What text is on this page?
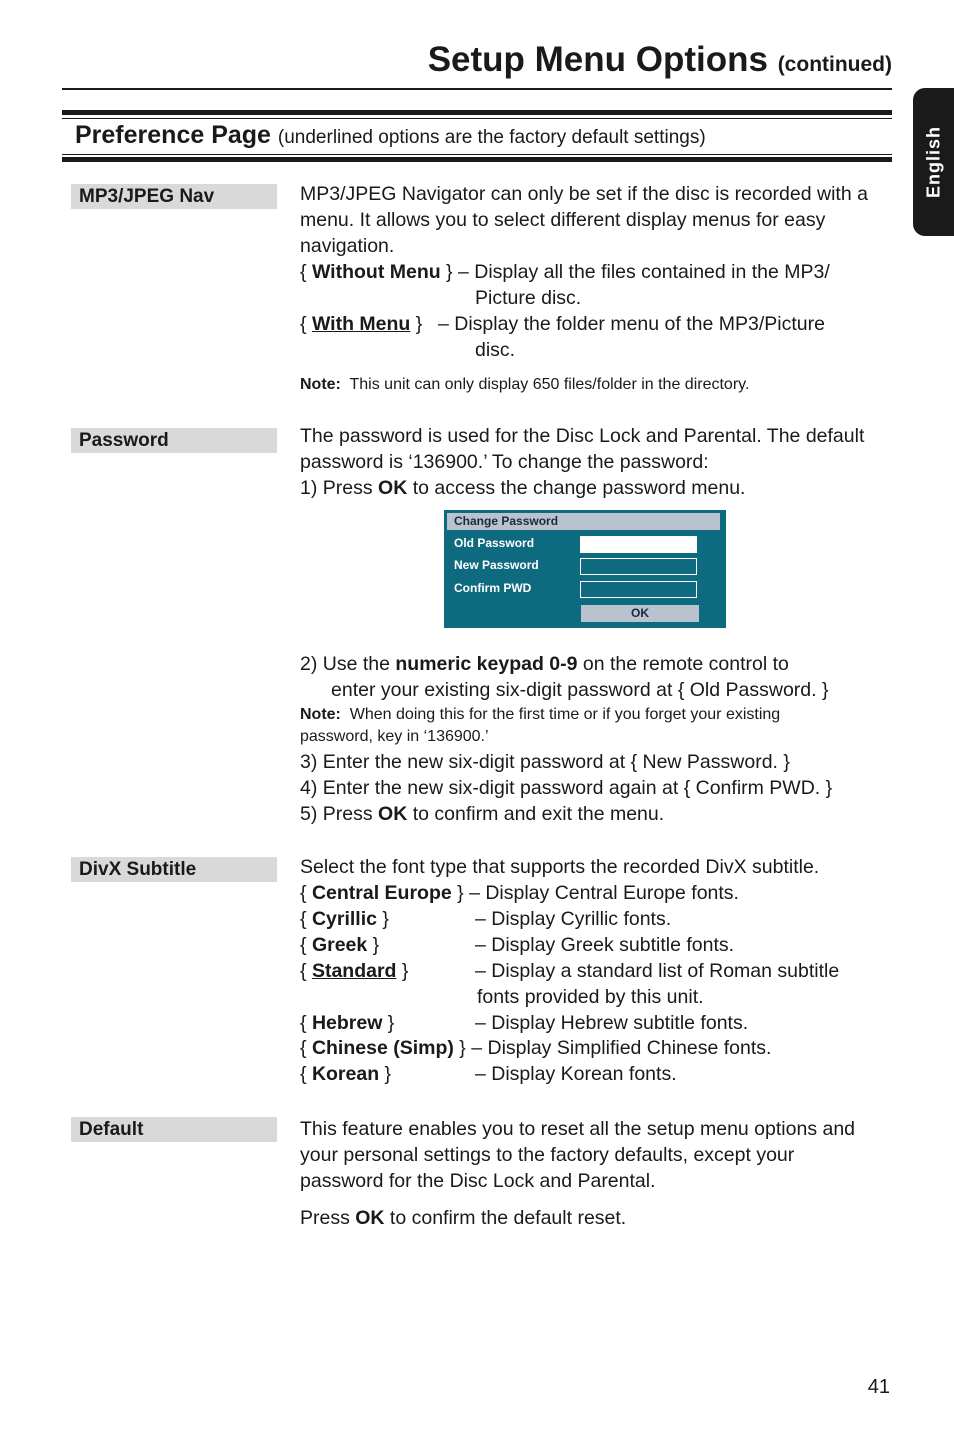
Setup Menu Options (continued)
English
Preference Page (underlined options are the factory default settings)
MP3/JPEG Nav	MP3/JPEG Navigator can only be set if the disc is recorded with a
menu. It allows you to select different display menus for easy
navigation.
{ Without Menu } – Display all the files contained in the MP3/
Picture disc.
{ With Menu } – Display the folder menu of the MP3/Picture
disc.
Note: This unit can only display 650 files/folder in the directory.
Password	The password is used for the Disc Lock and Parental. The default
password is ‘136900.’ To change the password:
1) Press OK to access the change password menu.
Change Password
Old Password
New Password
Confirm PWD
OK
2) Use the numeric keypad 0-9 on the remote control to
enter your existing six-digit password at { Old Password. }
Note: When doing this for the first time or if you forget your existing
password, key in ‘136900.’
3) Enter the new six-digit password at { New Password. }
4) Enter the new six-digit password again at { Confirm PWD. }
5) Press OK to confirm and exit the menu.
DivX Subtitle	Select the font type that supports the recorded DivX subtitle.
{ Central Europe } – Display Central Europe fonts.
{ Cyrillic }	– Display Cyrillic fonts.
{ Greek }	– Display Greek subtitle fonts.
{ Standard }	– Display a standard list of Roman subtitle
fonts provided by this unit.
{ Hebrew }	– Display Hebrew subtitle fonts.
{ Chinese (Simp) } – Display Simplified Chinese fonts.
{ Korean }	– Display Korean fonts.
Default	This feature enables you to reset all the setup menu options and
your personal settings to the factory defaults, except your
password for the Disc Lock and Parental.
Press OK to confirm the default reset.
41
